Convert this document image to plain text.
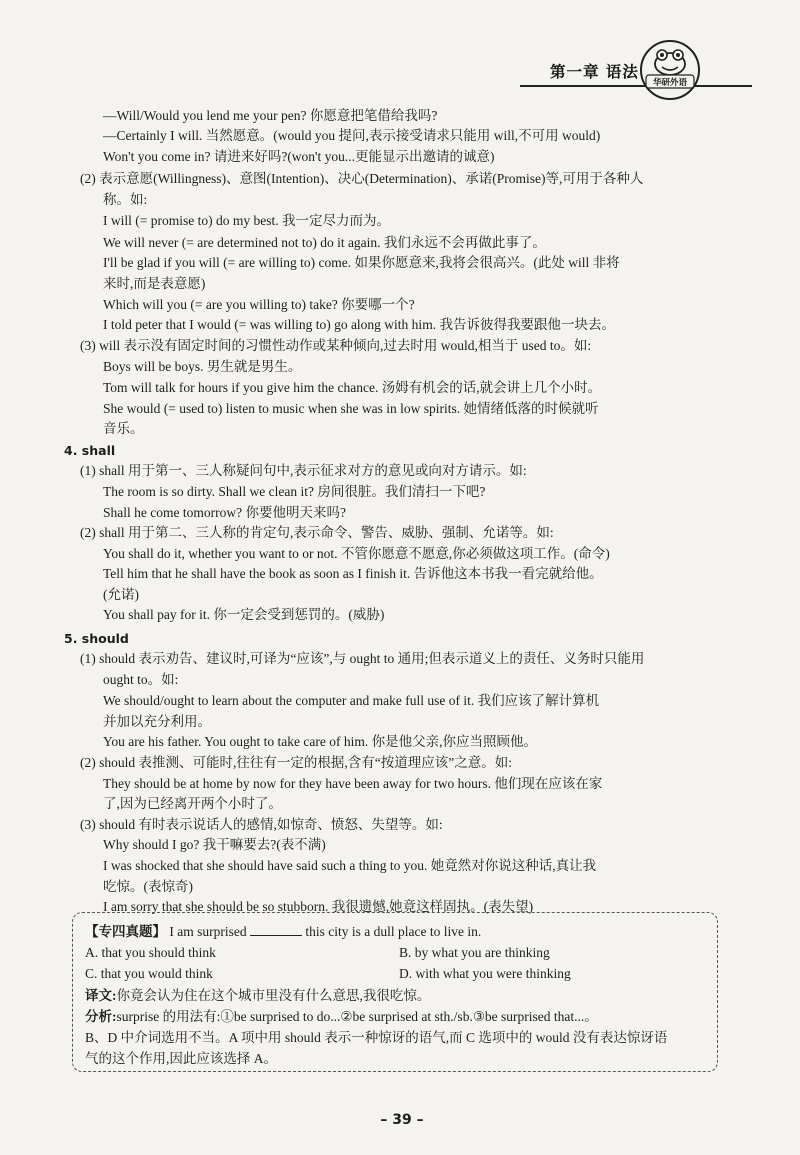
第一章 语法
华研外语
—Will/Would you lend me your pen? 你愿意把笔借给我吗?
—Certainly I will. 当然愿意。(would you 提问,表示接受请求只能用 will,不可用 would)
Won't you come in? 请进来好吗?(won't you...更能显示出邀请的诚意)
(2) 表示意愿(Willingness)、意图(Intention)、决心(Determination)、承诺(Promise)等,可用于各种人
称。如:
I will (= promise to) do my best. 我一定尽力而为。
We will never (= are determined not to) do it again. 我们永远不会再做此事了。
I'll be glad if you will (= are willing to) come. 如果你愿意来,我将会很高兴。(此处 will 非将
来时,而是表意愿)
Which will you (= are you willing to) take? 你要哪一个?
I told peter that I would (= was willing to) go along with him. 我告诉彼得我要跟他一块去。
(3) will 表示没有固定时间的习惯性动作或某种倾向,过去时用 would,相当于 used to。如:
Boys will be boys. 男生就是男生。
Tom will talk for hours if you give him the chance. 汤姆有机会的话,就会讲上几个小时。
She would (= used to) listen to music when she was in low spirits. 她情绪低落的时候就听
音乐。
4. shall
(1) shall 用于第一、三人称疑问句中,表示征求对方的意见或向对方请示。如:
The room is so dirty. Shall we clean it? 房间很脏。我们清扫一下吧?
Shall he come tomorrow? 你要他明天来吗?
(2) shall 用于第二、三人称的肯定句,表示命令、警告、威胁、强制、允诺等。如:
You shall do it, whether you want to or not. 不管你愿意不愿意,你必须做这项工作。(命令)
Tell him that he shall have the book as soon as I finish it. 告诉他这本书我一看完就给他。
(允诺)
You shall pay for it. 你一定会受到惩罚的。(威胁)
5. should
(1) should 表示劝告、建议时,可译为“应该”,与 ought to 通用;但表示道义上的责任、义务时只能用
ought to。如:
We should/ought to learn about the computer and make full use of it. 我们应该了解计算机
并加以充分利用。
You are his father. You ought to take care of him. 你是他父亲,你应当照顾他。
(2) should 表推测、可能时,往往有一定的根据,含有“按道理应该”之意。如:
They should be at home by now for they have been away for two hours. 他们现在应该在家
了,因为已经离开两个小时了。
(3) should 有时表示说话人的感情,如惊奇、愤怒、失望等。如:
Why should I go? 我干嘛要去?(表不满)
I was shocked that she should have said such a thing to you. 她竟然对你说这种话,真让我
吃惊。(表惊奇)
I am sorry that she should be so stubborn. 我很遗憾,她竟这样固执。(表失望)
【专四真题】 I am surprised	this city is a dull place to live in.
A. that you should think	B. by what you are thinking
C. that you would think	D. with what you were thinking
译文:你竟会认为住在这个城市里没有什么意思,我很吃惊。
分析:surprise 的用法有:①be surprised to do...②be surprised at sth./sb.③be surprised that...。
B、D 中介词选用不当。A 项中用 should 表示一种惊讶的语气,而 C 选项中的 would 没有表达惊讶语
气的这个作用,因此应该选择 A。
– 39 –
